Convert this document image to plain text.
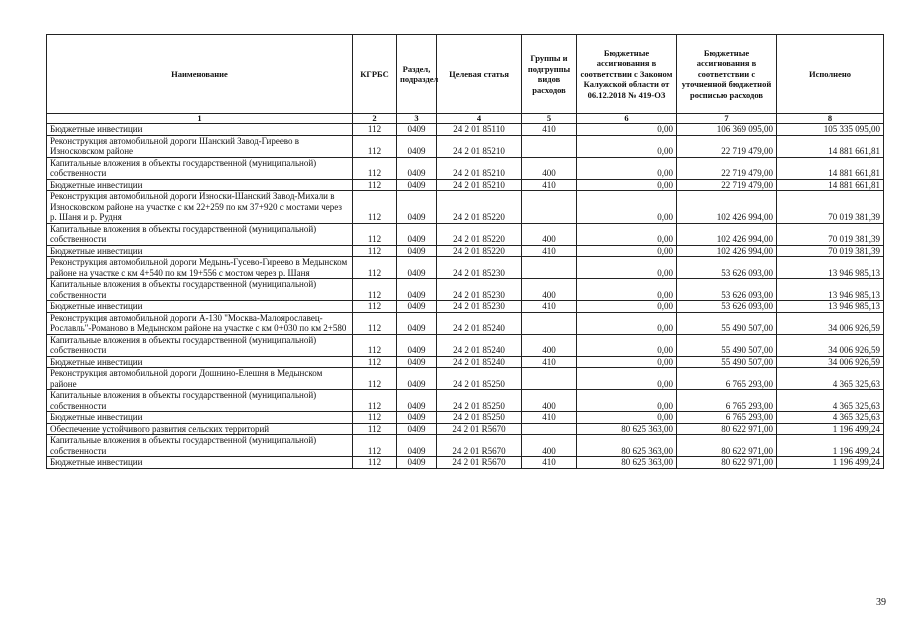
Наименование	КГРБС	Раздел, подраздел	Целевая статья	Группы и подгруппы видов расходов	Бюджетные ассигнования в соответствии с Законом Калужской области от 06.12.2018 № 419-ОЗ	Бюджетные ассигнования в соответствии с уточненной бюджетной росписью расходов	Исполнено
1	2	3	4	5	6	7	8
Бюджетные инвестиции	112	0409	24 2 01 85110	410	0,00	106 369 095,00	105 335 095,00
Реконструкция автомобильной дороги Шанский Завод-Гиреево в Износковском районе	112	0409	24 2 01 85210		0,00	22 719 479,00	14 881 661,81
Капитальные вложения в объекты государственной (муниципальной) собственности	112	0409	24 2 01 85210	400	0,00	22 719 479,00	14 881 661,81
Бюджетные инвестиции	112	0409	24 2 01 85210	410	0,00	22 719 479,00	14 881 661,81
Реконструкция автомобильной дороги Износки-Шанский Завод-Михали в Износковском районе на участке с км 22+259 по км 37+920 с мостами через р. Шаня и р. Рудня	112	0409	24 2 01 85220		0,00	102 426 994,00	70 019 381,39
Капитальные вложения в объекты государственной (муниципальной) собственности	112	0409	24 2 01 85220	400	0,00	102 426 994,00	70 019 381,39
Бюджетные инвестиции	112	0409	24 2 01 85220	410	0,00	102 426 994,00	70 019 381,39
Реконструкция автомобильной дороги Медынь-Гусево-Гиреево в Медынском районе на участке с км 4+540 по км 19+556 с мостом через р. Шаня	112	0409	24 2 01 85230		0,00	53 626 093,00	13 946 985,13
Капитальные вложения в объекты государственной (муниципальной) собственности	112	0409	24 2 01 85230	400	0,00	53 626 093,00	13 946 985,13
Бюджетные инвестиции	112	0409	24 2 01 85230	410	0,00	53 626 093,00	13 946 985,13
Реконструкция автомобильной дороги А-130 "Москва-Малоярославец-Рославль"-Романово в Медынском районе на участке с км 0+030 по км 2+580	112	0409	24 2 01 85240		0,00	55 490 507,00	34 006 926,59
Капитальные вложения в объекты государственной (муниципальной) собственности	112	0409	24 2 01 85240	400	0,00	55 490 507,00	34 006 926,59
Бюджетные инвестиции	112	0409	24 2 01 85240	410	0,00	55 490 507,00	34 006 926,59
Реконструкция автомобильной дороги Дошнино-Елешня в Медынском районе	112	0409	24 2 01 85250		0,00	6 765 293,00	4 365 325,63
Капитальные вложения в объекты государственной (муниципальной) собственности	112	0409	24 2 01 85250	400	0,00	6 765 293,00	4 365 325,63
Бюджетные инвестиции	112	0409	24 2 01 85250	410	0,00	6 765 293,00	4 365 325,63
Обеспечение устойчивого развития сельских территорий	112	0409	24 2 01 R5670		80 625 363,00	80 622 971,00	1 196 499,24
Капитальные вложения в объекты государственной (муниципальной) собственности	112	0409	24 2 01 R5670	400	80 625 363,00	80 622 971,00	1 196 499,24
Бюджетные инвестиции	112	0409	24 2 01 R5670	410	80 625 363,00	80 622 971,00	1 196 499,24
39
